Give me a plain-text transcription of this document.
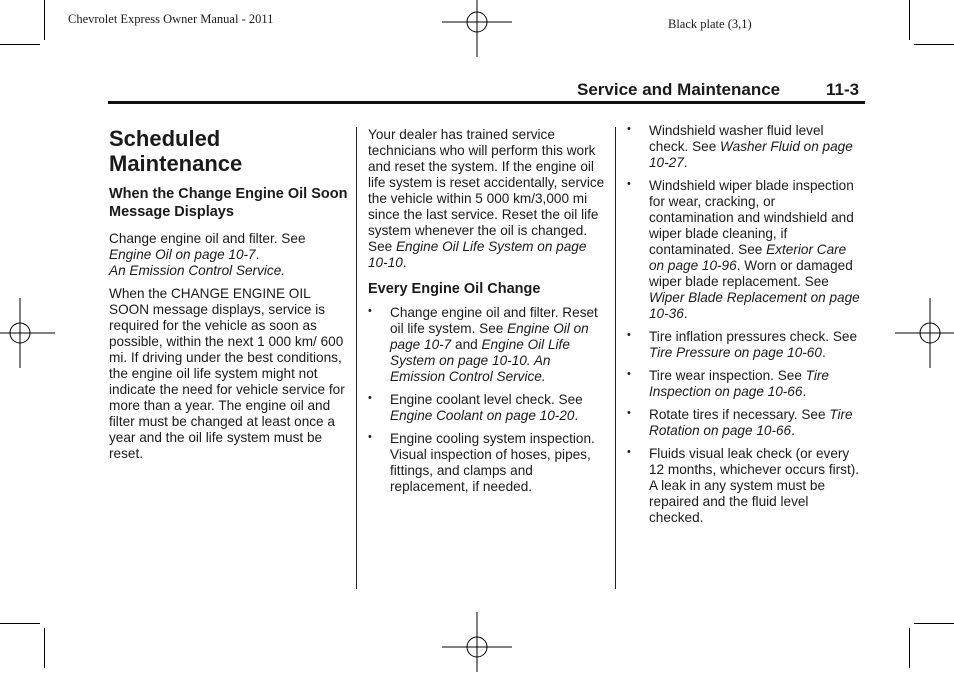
Chevrolet Express Owner Manual - 2011	Black plate (3,1)
Service and Maintenance	11-3
Scheduled Maintenance
When the Change Engine Oil Soon Message Displays

Change engine oil and filter. See Engine Oil on page 10-7.
An Emission Control Service.

When the CHANGE ENGINE OIL SOON message displays, service is required for the vehicle as soon as possible, within the next 1 000 km/ 600 mi. If driving under the best conditions, the engine oil life system might not indicate the need for vehicle service for more than a year. The engine oil and filter must be changed at least once a year and the oil life system must be reset.

Your dealer has trained service technicians who will perform this work and reset the system. If the engine oil life system is reset accidentally, service the vehicle within 5 000 km/3,000 mi since the last service. Reset the oil life system whenever the oil is changed. See Engine Oil Life System on page 10-10.

Every Engine Oil Change
• Change engine oil and filter. Reset oil life system. See Engine Oil on page 10-7 and Engine Oil Life System on page 10-10. An Emission Control Service.
• Engine coolant level check. See Engine Coolant on page 10-20.
• Engine cooling system inspection. Visual inspection of hoses, pipes, fittings, and clamps and replacement, if needed.
• Windshield washer fluid level check. See Washer Fluid on page 10-27.
• Windshield wiper blade inspection for wear, cracking, or contamination and windshield and wiper blade cleaning, if contaminated. See Exterior Care on page 10-96. Worn or damaged wiper blade replacement. See Wiper Blade Replacement on page 10-36.
• Tire inflation pressures check. See Tire Pressure on page 10-60.
• Tire wear inspection. See Tire Inspection on page 10-66.
• Rotate tires if necessary. See Tire Rotation on page 10-66.
• Fluids visual leak check (or every 12 months, whichever occurs first). A leak in any system must be repaired and the fluid level checked.
